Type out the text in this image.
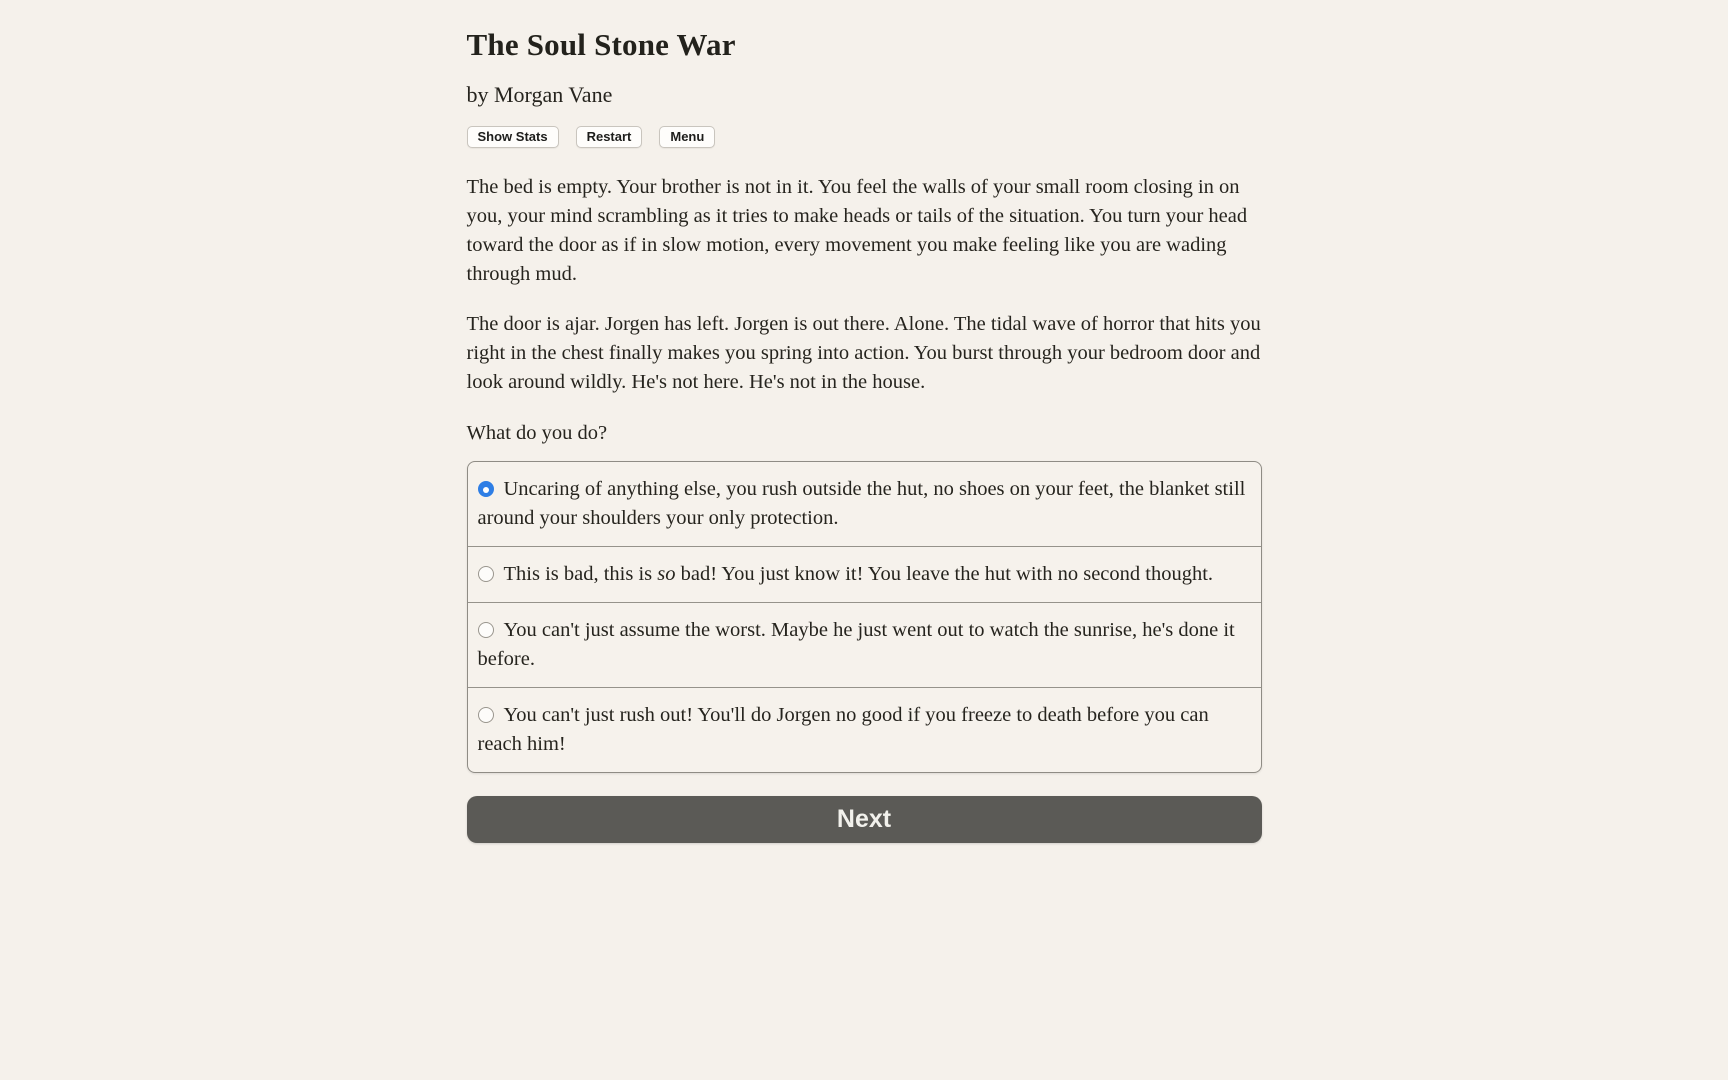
The Soul Stone War
by Morgan Vane
Show Stats	Restart	Menu

The bed is empty. Your brother is not in it. You feel the walls of your small room closing in on you, your mind scrambling as it tries to make heads or tails of the situation. You turn your head toward the door as if in slow motion, every movement you make feeling like you are wading through mud.

The door is ajar. Jorgen has left. Jorgen is out there. Alone. The tidal wave of horror that hits you right in the chest finally makes you spring into action. You burst through your bedroom door and look around wildly. He's not here. He's not in the house.

What do you do?

Uncaring of anything else, you rush outside the hut, no shoes on your feet, the blanket still around your shoulders your only protection.
This is bad, this is so bad! You just know it! You leave the hut with no second thought.
You can't just assume the worst. Maybe he just went out to watch the sunrise, he's done it before.
You can't just rush out! You'll do Jorgen no good if you freeze to death before you can reach him!
Next
